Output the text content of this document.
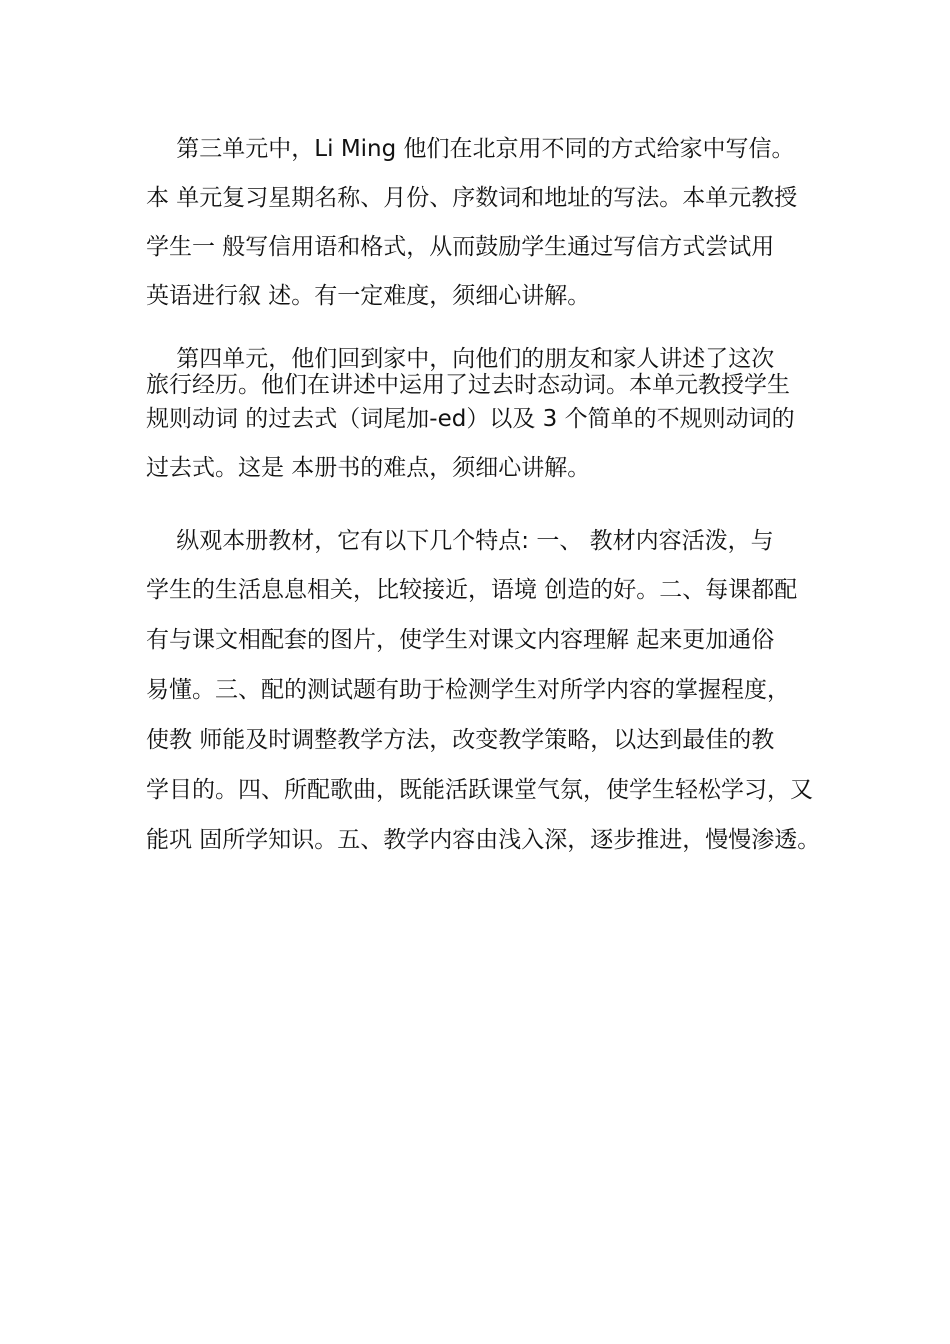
　 第三单元中，Li Ming 他们在北京用不同的方式给家中写信。
本 单元复习星期名称、月份、序数词和地址的写法。本单元教授
学生一 般写信用语和格式，从而鼓励学生通过写信方式尝试用
英语进行叙 述。有一定难度，须细心讲解。
　 第四单元，他们回到家中，向他们的朋友和家人讲述了这次
旅行经历。他们在讲述中运用了过去时态动词。本单元教授学生
规则动词 的过去式（词尾加-ed）以及 3 个简单的不规则动词的
过去式。这是 本册书的难点，须细心讲解。
　 纵观本册教材，它有以下几个特点: 一、 教材内容活泼，与
学生的生活息息相关，比较接近，语境 创造的好。二、每课都配
有与课文相配套的图片，使学生对课文内容理解 起来更加通俗
易懂。三、配的测试题有助于检测学生对所学内容的掌握程度，
使教 师能及时调整教学方法，改变教学策略，以达到最佳的教
学目的。四、所配歌曲，既能活跃课堂气氛，使学生轻松学习，又
能巩 固所学知识。五、教学内容由浅入深，逐步推进，慢慢渗透。
